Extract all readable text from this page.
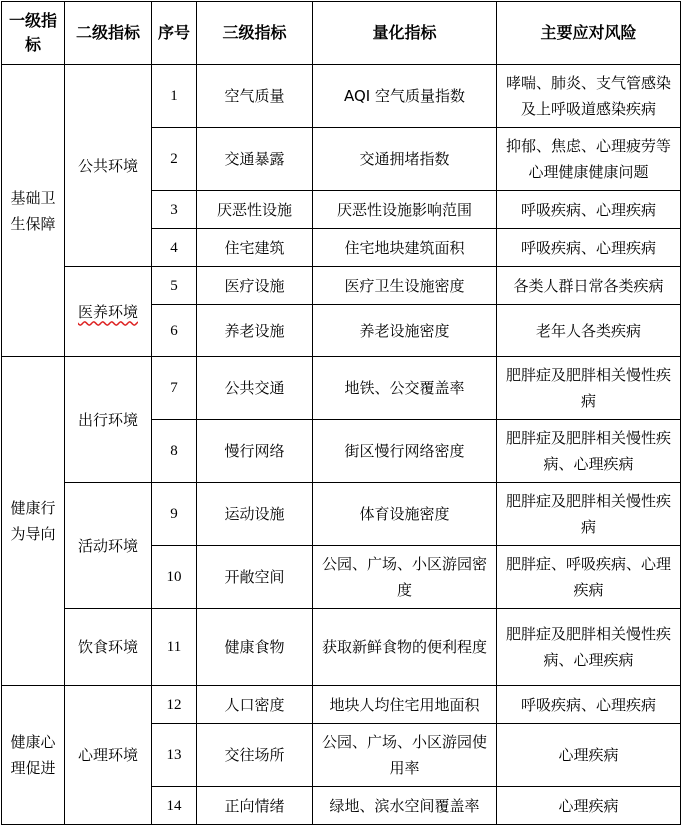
一级指标	二级指标	序号	三级指标	量化指标	主要应对风险
基础卫生保障	公共环境	1	空气质量	AQI 空气质量指数	哮喘、肺炎、支气管感染及上呼吸道感染疾病
		2	交通暴露	交通拥堵指数	抑郁、焦虑、心理疲劳等心理健康健康问题
		3	厌恶性设施	厌恶性设施影响范围	呼吸疾病、心理疾病
		4	住宅建筑	住宅地块建筑面积	呼吸疾病、心理疾病
	医养环境	5	医疗设施	医疗卫生设施密度	各类人群日常各类疾病
		6	养老设施	养老设施密度	老年人各类疾病
健康行为导向	出行环境	7	公共交通	地铁、公交覆盖率	肥胖症及肥胖相关慢性疾病
		8	慢行网络	街区慢行网络密度	肥胖症及肥胖相关慢性疾病、心理疾病
	活动环境	9	运动设施	体育设施密度	肥胖症及肥胖相关慢性疾病
		10	开敞空间	公园、广场、小区游园密度	肥胖症、呼吸疾病、心理疾病
	饮食环境	11	健康食物	获取新鲜食物的便利程度	肥胖症及肥胖相关慢性疾病、心理疾病
健康心理促进	心理环境	12	人口密度	地块人均住宅用地面积	呼吸疾病、心理疾病
		13	交往场所	公园、广场、小区游园使用率	心理疾病
		14	正向情绪	绿地、滨水空间覆盖率	心理疾病
